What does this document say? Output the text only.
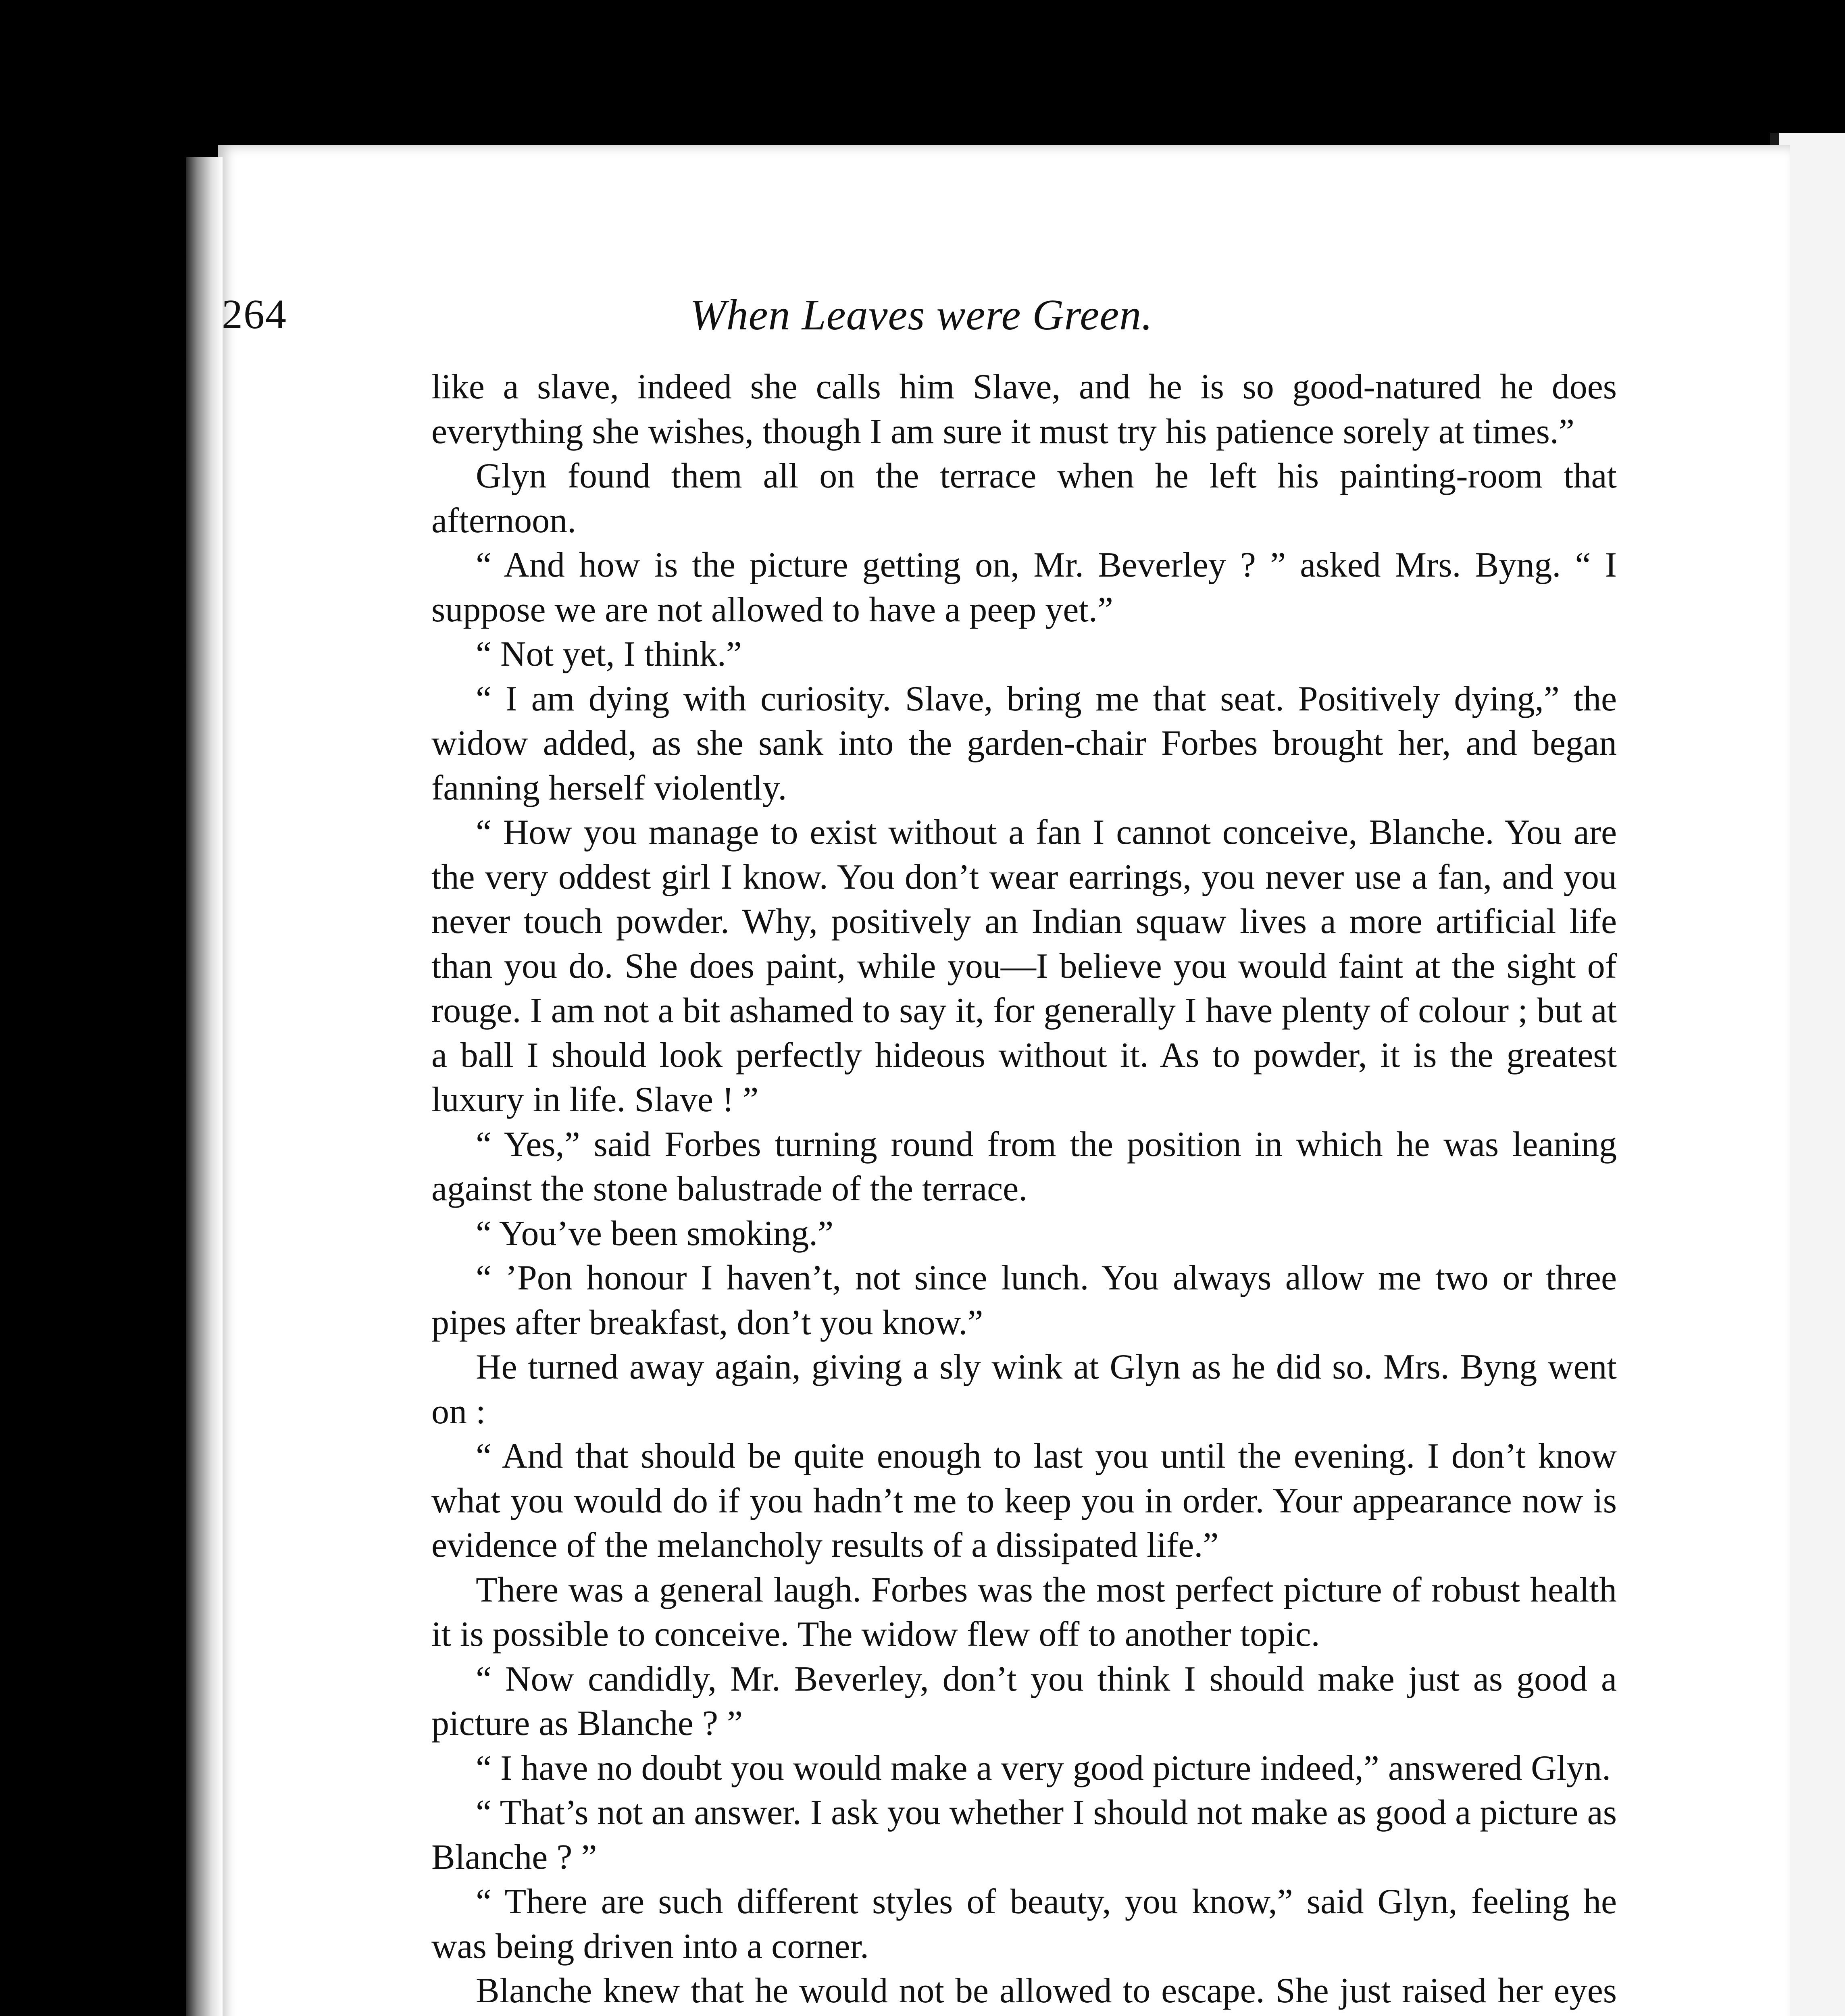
264	When Leaves were Green.

like a slave, indeed she calls him Slave, and he is so good-natured he does everything she wishes, though I am sure it must try his patience sorely at times.”

Glyn found them all on the terrace when he left his painting-room that afternoon.

“ And how is the picture getting on, Mr. Beverley ? ” asked Mrs. Byng. “ I suppose we are not allowed to have a peep yet.”

“ Not yet, I think.”

“ I am dying with curiosity. Slave, bring me that seat. Positively dying,” the widow added, as she sank into the garden-chair Forbes brought her, and began fanning herself violently.

“ How you manage to exist without a fan I cannot conceive, Blanche. You are the very oddest girl I know. You don’t wear earrings, you never use a fan, and you never touch powder. Why, positively an Indian squaw lives a more artificial life than you do. She does paint, while you—I believe you would faint at the sight of rouge. I am not a bit ashamed to say it, for generally I have plenty of colour ; but at a ball I should look perfectly hideous without it. As to powder, it is the greatest luxury in life. Slave ! ”

“ Yes,” said Forbes turning round from the position in which he was leaning against the stone balustrade of the terrace.

“ You’ve been smoking.”

“ ’Pon honour I haven’t, not since lunch. You always allow me two or three pipes after breakfast, don’t you know.”

He turned away again, giving a sly wink at Glyn as he did so. Mrs. Byng went on :

“ And that should be quite enough to last you until the evening. I don’t know what you would do if you hadn’t me to keep you in order. Your appearance now is evidence of the melancholy results of a dissipated life.”

There was a general laugh. Forbes was the most perfect picture of robust health it is possible to conceive. The widow flew off to another topic.

“ Now candidly, Mr. Beverley, don’t you think I should make just as good a picture as Blanche ? ”

“ I have no doubt you would make a very good picture indeed,” answered Glyn.

“ That’s not an answer. I ask you whether I should not make as good a picture as Blanche ? ”

“ There are such different styles of beauty, you know,” said Glyn, feeling he was being driven into a corner.

Blanche knew that he would not be allowed to escape. She just raised her eyes
